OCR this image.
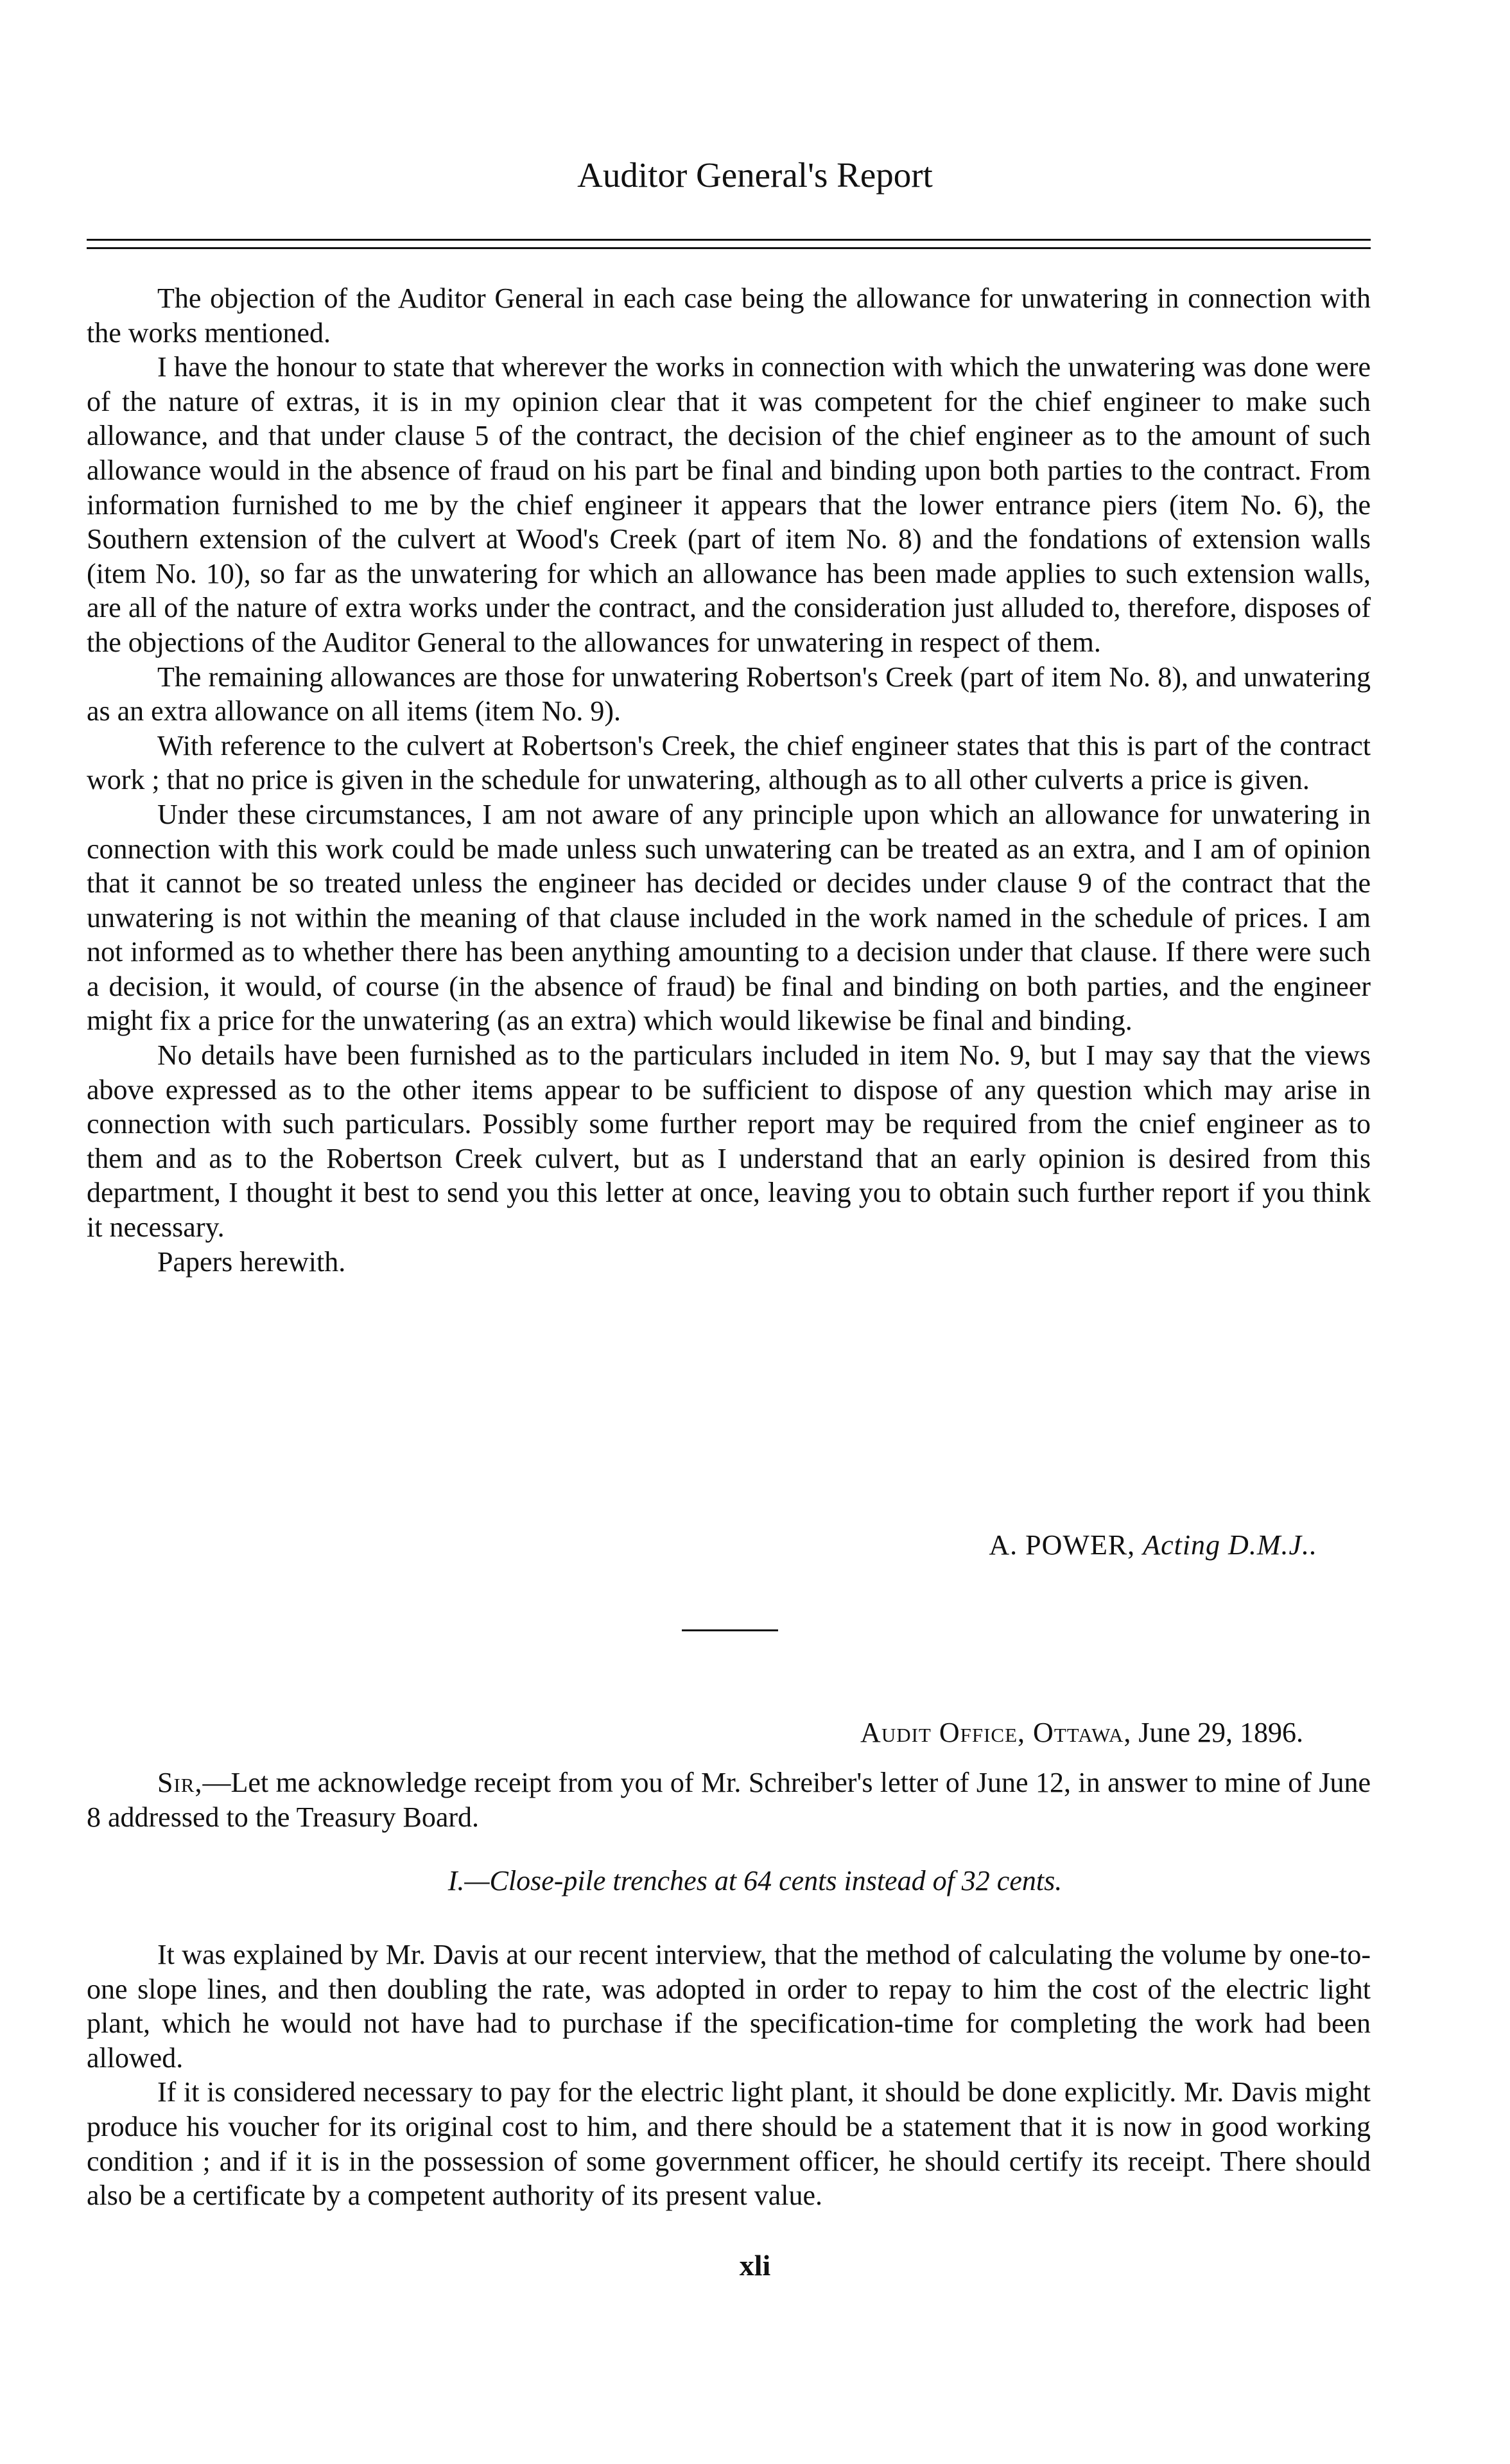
Auditor General's Report

The objection of the Auditor General in each case being the allowance for unwatering in connection with the works mentioned.

I have the honour to state that wherever the works in connection with which the unwatering was done were of the nature of extras, it is in my opinion clear that it was competent for the chief engineer to make such allowance, and that under clause 5 of the contract, the decision of the chief engineer as to the amount of such allowance would in the absence of fraud on his part be final and binding upon both parties to the contract. From information furnished to me by the chief engineer it appears that the lower entrance piers (item No. 6), the Southern extension of the culvert at Wood's Creek (part of item No. 8) and the fondations of extension walls (item No. 10), so far as the unwatering for which an allowance has been made applies to such extension walls, are all of the nature of extra works under the contract, and the consideration just alluded to, therefore, disposes of the objections of the Auditor General to the allowances for unwatering in respect of them.

The remaining allowances are those for unwatering Robertson's Creek (part of item No. 8), and unwatering as an extra allowance on all items (item No. 9).

With reference to the culvert at Robertson's Creek, the chief engineer states that this is part of the contract work ; that no price is given in the schedule for unwatering, although as to all other culverts a price is given.

Under these circumstances, I am not aware of any principle upon which an allowance for unwatering in connection with this work could be made unless such unwatering can be treated as an extra, and I am of opinion that it cannot be so treated unless the engineer has decided or decides under clause 9 of the contract that the unwatering is not within the meaning of that clause included in the work named in the schedule of prices. I am not informed as to whether there has been anything amounting to a decision under that clause. If there were such a decision, it would, of course (in the absence of fraud) be final and binding on both parties, and the engineer might fix a price for the unwatering (as an extra) which would likewise be final and binding.

No details have been furnished as to the particulars included in item No. 9, but I may say that the views above expressed as to the other items appear to be sufficient to dispose of any question which may arise in connection with such particulars. Possibly some further report may be required from the cnief engineer as to them and as to the Robertson Creek culvert, but as I understand that an early opinion is desired from this department, I thought it best to send you this letter at once, leaving you to obtain such further report if you think it necessary.

Papers herewith.

A. POWER, Acting D.M.J..
Audit Office, Ottawa, June 29, 1896.

Sir,—Let me acknowledge receipt from you of Mr. Schreiber's letter of June 12, in answer to mine of June 8 addressed to the Treasury Board.

I.—Close-pile trenches at 64 cents instead of 32 cents.

It was explained by Mr. Davis at our recent interview, that the method of calculating the volume by one-to-one slope lines, and then doubling the rate, was adopted in order to repay to him the cost of the electric light plant, which he would not have had to purchase if the specification-time for completing the work had been allowed.

If it is considered necessary to pay for the electric light plant, it should be done explicitly. Mr. Davis might produce his voucher for its original cost to him, and there should be a statement that it is now in good working condition ; and if it is in the possession of some government officer, he should certify its receipt. There should also be a certificate by a competent authority of its present value.

xli
